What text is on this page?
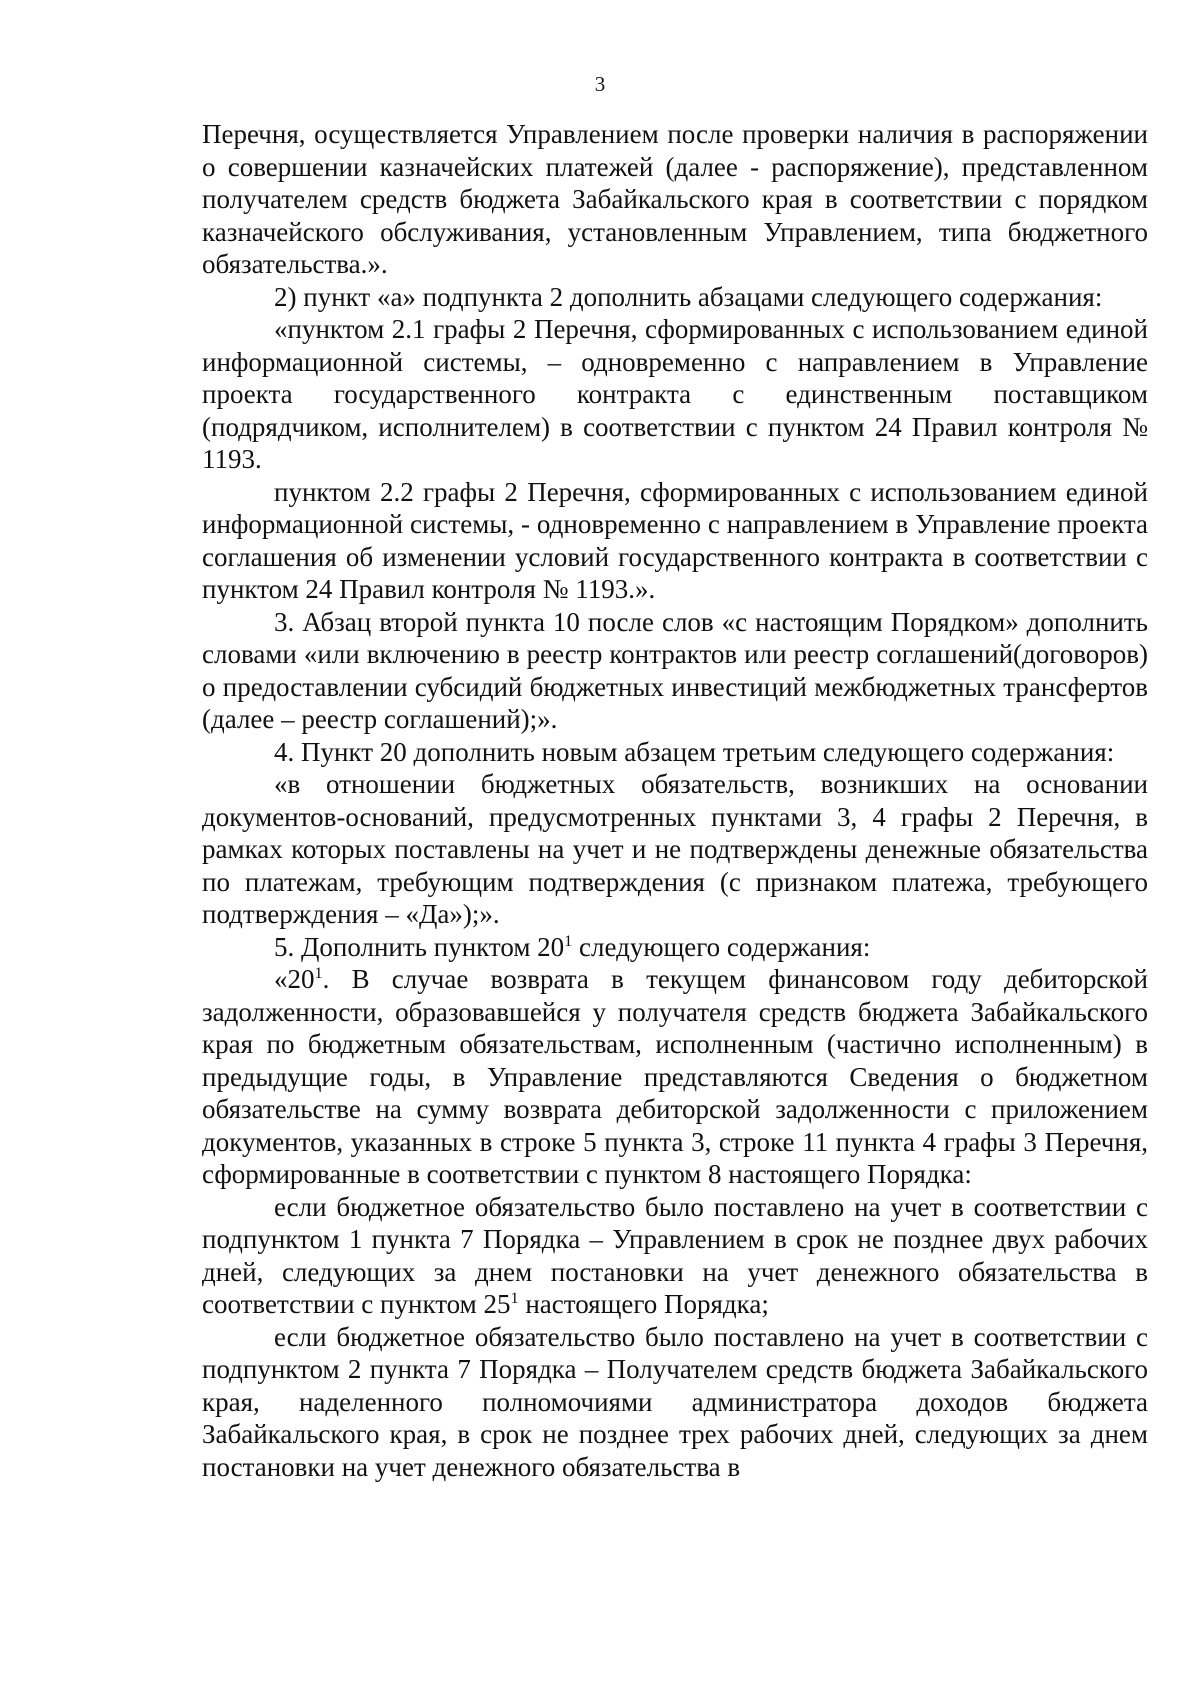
3

Перечня, осуществляется Управлением после проверки наличия в распоряжении о совершении казначейских платежей (далее - распоряжение), представленном получателем средств бюджета Забайкальского края в соответствии с порядком казначейского обслуживания, установленным Управлением, типа бюджетного обязательства.».

2) пункт «а» подпункта 2 дополнить абзацами следующего содержания:

«пунктом 2.1 графы 2 Перечня, сформированных с использованием единой информационной системы, – одновременно с направлением в Управление проекта государственного контракта с единственным поставщиком (подрядчиком, исполнителем) в соответствии с пунктом 24 Правил контроля № 1193.

пунктом 2.2 графы 2 Перечня, сформированных с использованием единой информационной системы, - одновременно с направлением в Управление проекта соглашения об изменении условий государственного контракта в соответствии с пунктом 24 Правил контроля № 1193.».

3. Абзац второй пункта 10 после слов «с настоящим Порядком» дополнить словами «или включению в реестр контрактов или реестр соглашений(договоров) о предоставлении субсидий бюджетных инвестиций межбюджетных трансфертов (далее – реестр соглашений);».

4. Пункт 20 дополнить новым абзацем третьим следующего содержания:

«в отношении бюджетных обязательств, возникших на основании документов-оснований, предусмотренных пунктами 3, 4 графы 2 Перечня, в рамках которых поставлены на учет и не подтверждены денежные обязательства по платежам, требующим подтверждения (с признаком платежа, требующего подтверждения – «Да»);».

5. Дополнить пунктом $20^1$ следующего содержания:

«$20^1$. В случае возврата в текущем финансовом году дебиторской задолженности, образовавшейся у получателя средств бюджета Забайкальского края по бюджетным обязательствам, исполненным (частично исполненным) в предыдущие годы, в Управление представляются Сведения о бюджетном обязательстве на сумму возврата дебиторской задолженности с приложением документов, указанных в строке 5 пункта 3, строке 11 пункта 4 графы 3 Перечня, сформированные в соответствии с пунктом 8 настоящего Порядка:

если бюджетное обязательство было поставлено на учет в соответствии с подпунктом 1 пункта 7 Порядка – Управлением в срок не позднее двух рабочих дней, следующих за днем постановки на учет денежного обязательства в соответствии с пунктом $25^1$ настоящего Порядка;

если бюджетное обязательство было поставлено на учет в соответствии с подпунктом 2 пункта 7 Порядка – Получателем средств бюджета Забайкальского края, наделенного полномочиями администратора доходов бюджета Забайкальского края, в срок не позднее трех рабочих дней, следующих за днем постановки на учет денежного обязательства в
